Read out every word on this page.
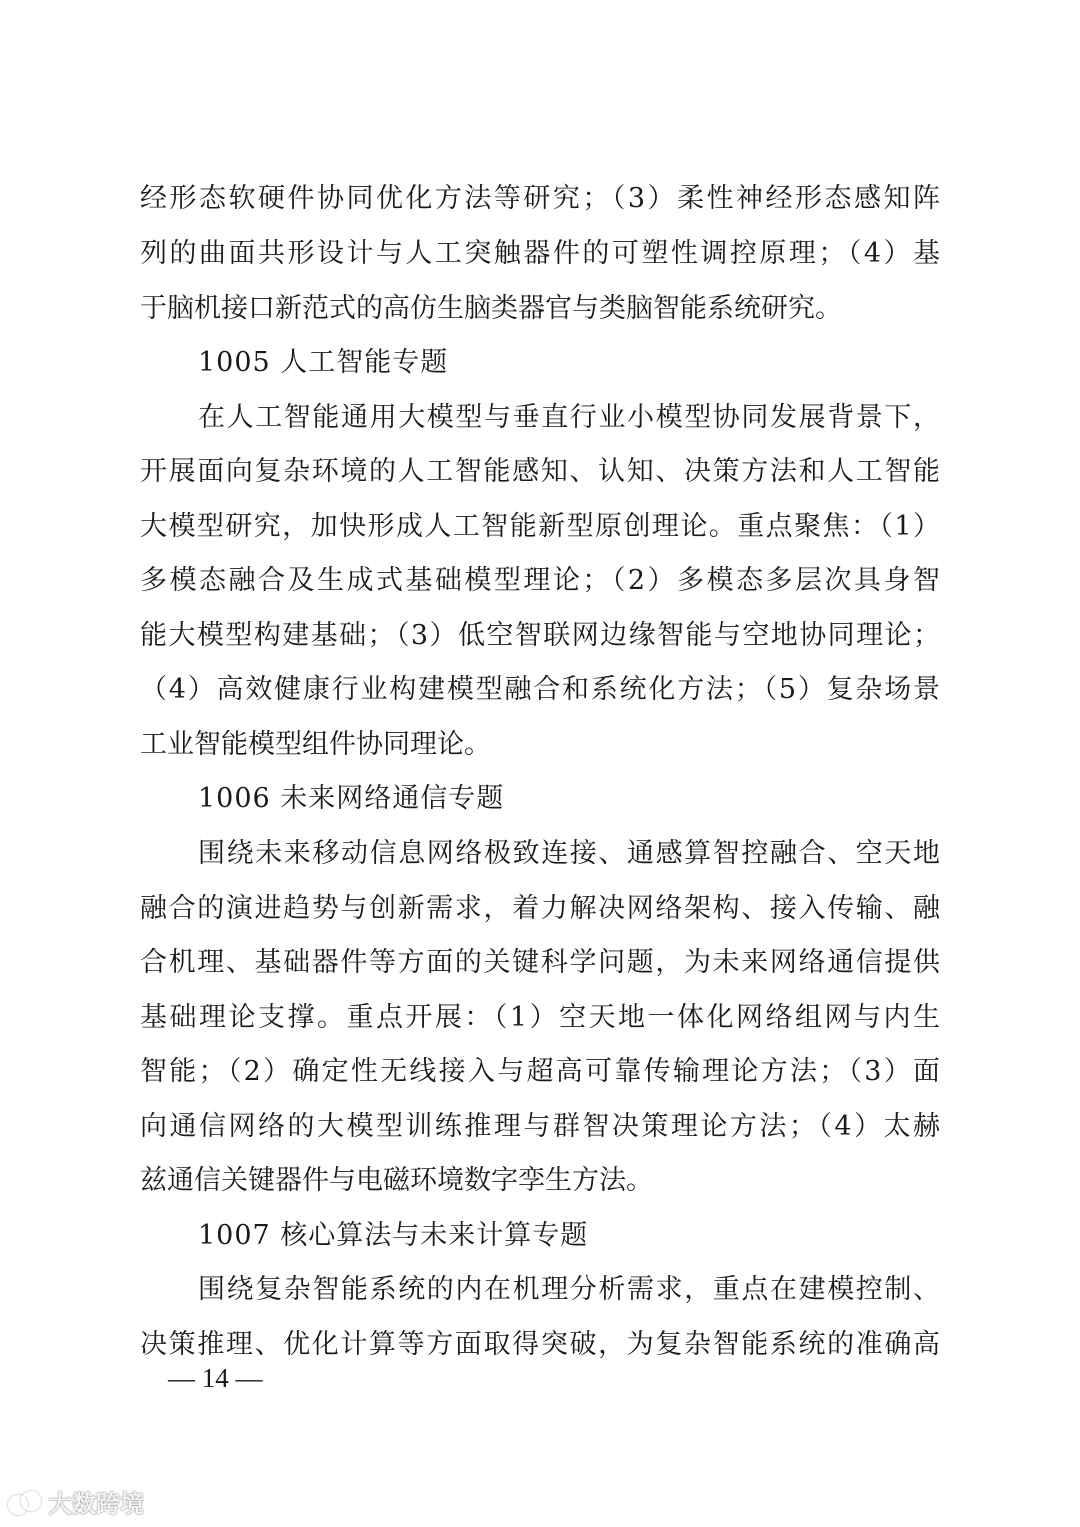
经形态软硬件协同优化方法等研究；（3）柔性神经形态感知阵
列的曲面共形设计与人工突触器件的可塑性调控原理；（4）基
于脑机接口新范式的高仿生脑类器官与类脑智能系统研究。
1005 人工智能专题
在人工智能通用大模型与垂直行业小模型协同发展背景下，
开展面向复杂环境的人工智能感知、认知、决策方法和人工智能
大模型研究，加快形成人工智能新型原创理论。重点聚焦：（1）
多模态融合及生成式基础模型理论；（2）多模态多层次具身智
能大模型构建基础；（3）低空智联网边缘智能与空地协同理论；
（4）高效健康行业构建模型融合和系统化方法；（5）复杂场景
工业智能模型组件协同理论。
1006 未来网络通信专题
围绕未来移动信息网络极致连接、通感算智控融合、空天地
融合的演进趋势与创新需求，着力解决网络架构、接入传输、融
合机理、基础器件等方面的关键科学问题，为未来网络通信提供
基础理论支撑。重点开展：（1）空天地一体化网络组网与内生
智能；（2）确定性无线接入与超高可靠传输理论方法；（3）面
向通信网络的大模型训练推理与群智决策理论方法；（4）太赫
兹通信关键器件与电磁环境数字孪生方法。
1007 核心算法与未来计算专题
围绕复杂智能系统的内在机理分析需求，重点在建模控制、
决策推理、优化计算等方面取得突破，为复杂智能系统的准确高
— 14 —
大数跨境
